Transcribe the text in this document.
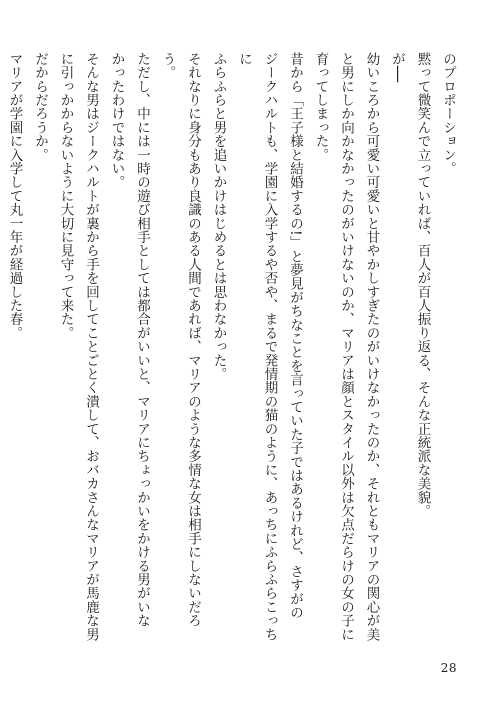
のプロポーション。

黙って微笑んで立っていれば、百人が百人振り返る、そんな正統派な美貌。

が──

幼いころから可愛い可愛いと甘やかしすぎたのがいけなかったのか、それともマリアの関心が美

と男にしか向かなかったのがいけないのか、マリアは顔とスタイル以外は欠点だらけの女の子に

育ってしまった。

昔から「王子様と結婚するの!」と夢見がちなことを言っていた子ではあるけれど、さすがの

ジークハルトも、学園に入学するや否や、まるで発情期の猫のように、あっちにふらふらこっちに

ふらふらと男を追いかけはじめるとは思わなかった。

それなりに身分もあり良識のある人間であれば、マリアのような多情な女は相手にしないだろう。

ただし、中には一時の遊び相手としては都合がいいと、マリアにちょっかいをかける男がいな

かったわけではない。

そんな男はジークハルトが裏から手を回してことごとく潰して、おバカさんなマリアが馬鹿な男

に引っかからないように大切に見守って来た。

だからだろうか。

マリアが学園に入学して丸一年が経過した春。

28
